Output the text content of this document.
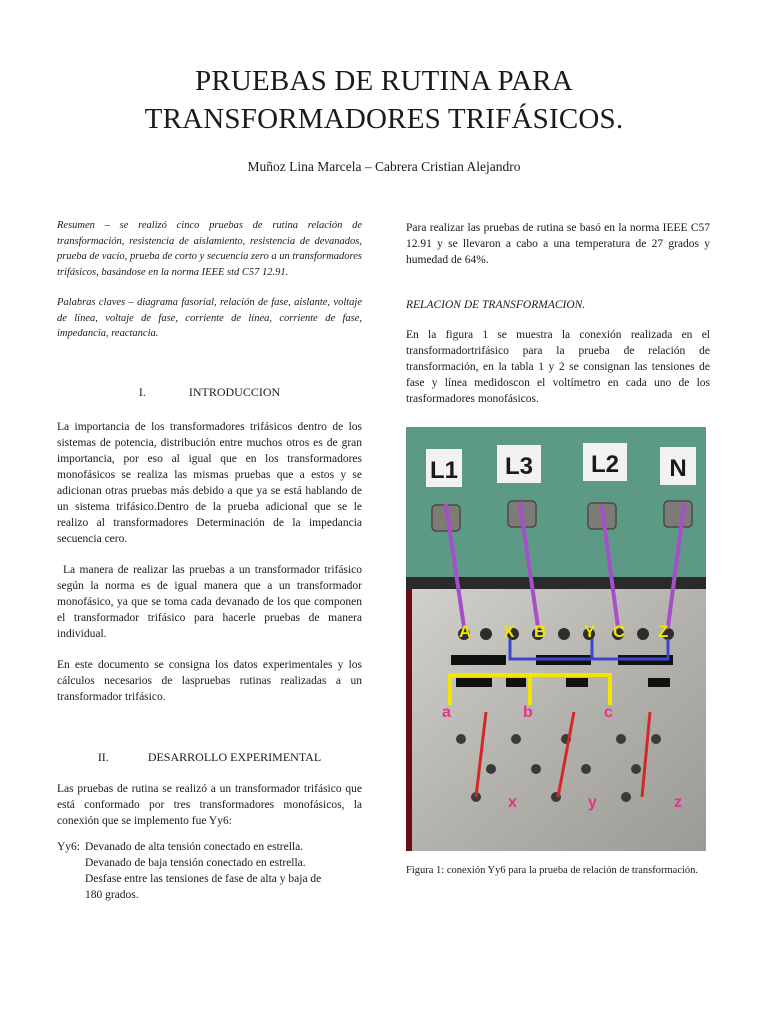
PRUEBAS DE RUTINA PARA
TRANSFORMADORES TRIFÁSICOS.
Muñoz Lina Marcela – Cabrera Cristian Alejandro

Resumen – se realizó cinco pruebas de rutina relación de transformación, resistencia de aislamiento, resistencia de devanados, prueba de vacío, prueba de corto y secuencia zero a un transformadores trifásicos, basándose en la norma IEEE std C57 12.91.

Palabras claves – diagrama fasorial, relación de fase, aislante, voltaje de línea, voltaje de fase, corriente de línea, corriente de fase, impedancia, reactancia.

I.	INTRODUCCION

La importancia de los transformadores trifásicos dentro de los sistemas de potencia, distribución entre muchos otros es de gran importancia, por eso al igual que en los transformadores monofásicos se realiza las mismas pruebas que a estos y se adicionan otras pruebas más debido a que ya se está hablando de un sistema trifásico.Dentro de la prueba adicional que se le realizo al transformadores Determinación de la impedancia secuencia cero.

La manera de realizar las pruebas a un transformador trifásico según la norma es de igual manera que a un transformador monofásico, ya que se toma cada devanado de los que componen el transformador trifásico para hacerle pruebas de manera individual.

En este documento se consigna los datos experimentales y los cálculos necesarios de laspruebas rutinas realizadas a un transformador trifásico.

II.	DESARROLLO EXPERIMENTAL

Las pruebas de rutina se realizó a un transformador trifásico que está conformado por tres transformadores monofásicos, la conexión que se implemento fue Yy6:

Yy6: Devanado de alta tensión conectado en estrella.
Devanado de baja tensión conectado en estrella.
Desfase entre las tensiones de fase de alta y baja de 180 grados.

Para realizar las pruebas de rutina se basó en la norma IEEE C57 12.91 y se llevaron a cabo a una temperatura de 27 grados y humedad de 64%.

RELACION DE TRANSFORMACION.

En la figura 1 se muestra la conexión realizada en el transformadortrifásico para la prueba de relación de transformación, en la tabla 1 y 2 se consignan las tensiones de fase y línea medidoscon el voltímetro en cada uno de los trasformadores monofásicos.

L1 L3 L2 N
A X B Y C Z
a	b	c
x	y	z
Figura 1: conexión Yy6 para la prueba de relación de transformación.
